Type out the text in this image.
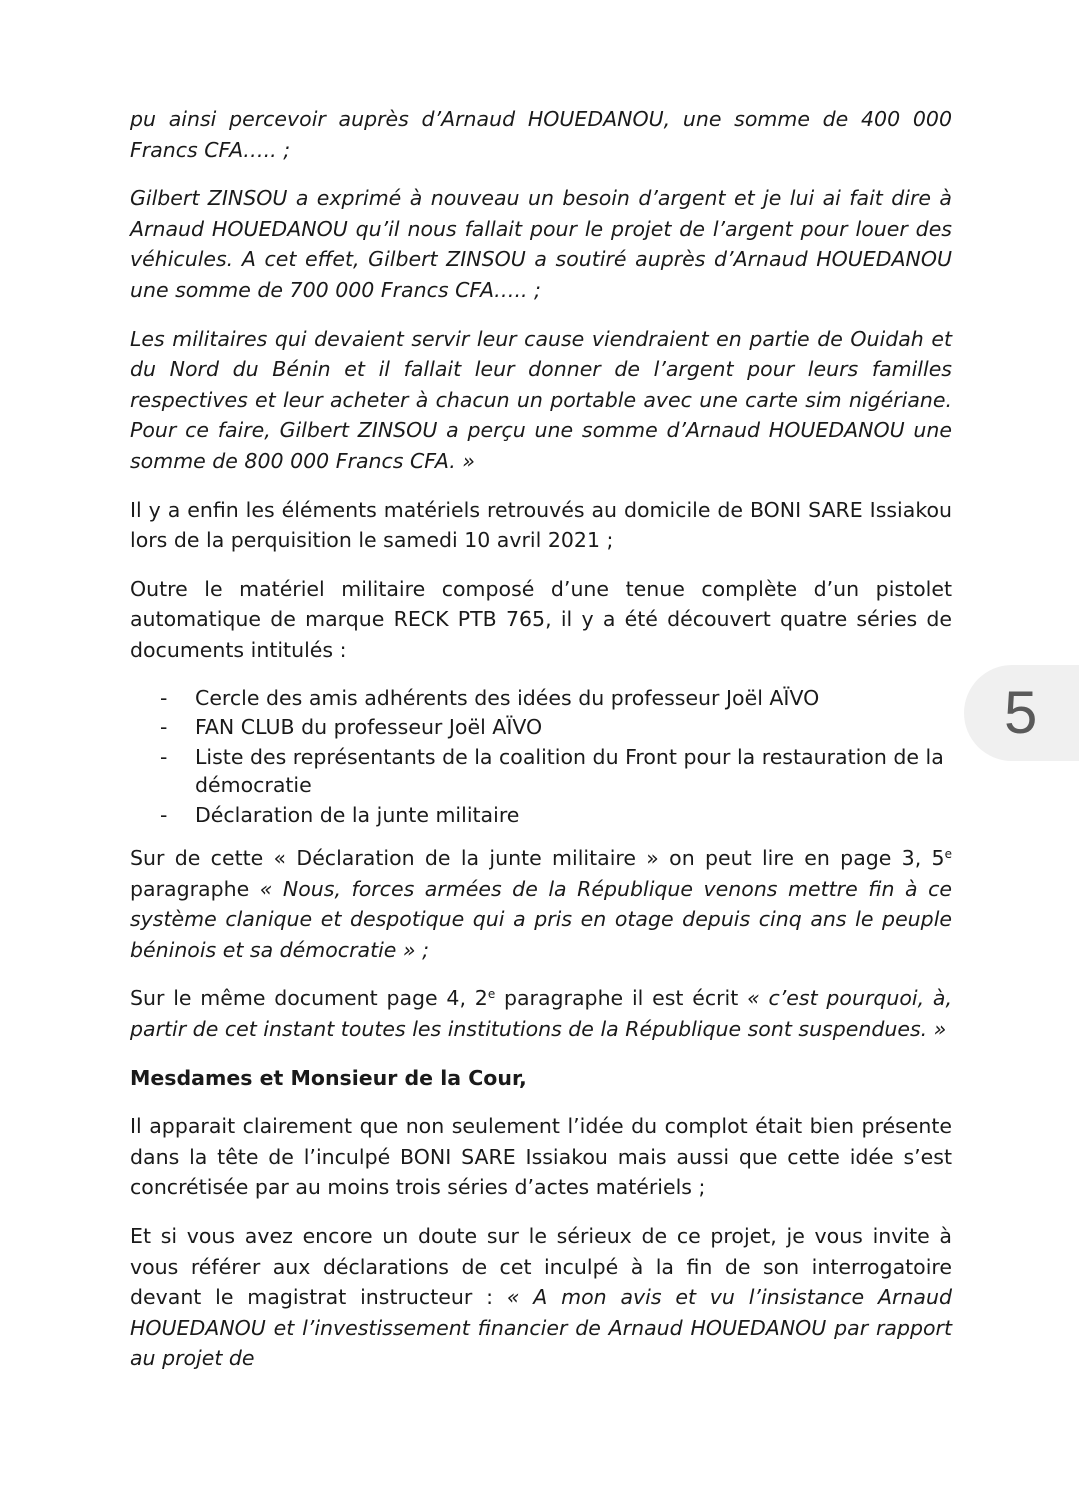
pu ainsi percevoir auprès d’Arnaud HOUEDANOU, une somme de 400 000 Francs CFA….. ;

Gilbert ZINSOU a exprimé à nouveau un besoin d’argent et je lui ai fait dire à Arnaud HOUEDANOU qu’il nous fallait pour le projet de l’argent pour louer des véhicules. A cet effet, Gilbert ZINSOU a soutiré auprès d’Arnaud HOUEDANOU une somme de 700 000 Francs CFA….. ;

Les militaires qui devaient servir leur cause viendraient en partie de Ouidah et du Nord du Bénin et il fallait leur donner de l’argent pour leurs familles respectives et leur acheter à chacun un portable avec une carte sim nigériane. Pour ce faire, Gilbert ZINSOU a perçu une somme d’Arnaud HOUEDANOU une somme de 800 000 Francs CFA. »

Il y a enfin les éléments matériels retrouvés au domicile de BONI SARE Issiakou lors de la perquisition le samedi 10 avril 2021 ;

Outre le matériel militaire composé d’une tenue complète d’un pistolet automatique de marque RECK PTB 765, il y a été découvert quatre séries de documents intitulés :

- Cercle des amis adhérents des idées du professeur Joël AÏVO
- FAN CLUB du professeur Joël AÏVO
- Liste des représentants de la coalition du Front pour la restauration de la démocratie
- Déclaration de la junte militaire

Sur de cette « Déclaration de la junte militaire » on peut lire en page 3, 5e paragraphe « Nous, forces armées de la République venons mettre fin à ce système clanique et despotique qui a pris en otage depuis cinq ans le peuple béninois et sa démocratie » ;

Sur le même document page 4, 2e paragraphe il est écrit « c’est pourquoi, à, partir de cet instant toutes les institutions de la République sont suspendues. »

Mesdames et Monsieur de la Cour,

Il apparait clairement que non seulement l’idée du complot était bien présente dans la tête de l’inculpé BONI SARE Issiakou mais aussi que cette idée s’est concrétisée par au moins trois séries d’actes matériels ;

Et si vous avez encore un doute sur le sérieux de ce projet, je vous invite à vous référer aux déclarations de cet inculpé à la fin de son interrogatoire devant le magistrat instructeur : « A mon avis et vu l’insistance Arnaud HOUEDANOU et l’investissement financier de Arnaud HOUEDANOU par rapport au projet de

5
